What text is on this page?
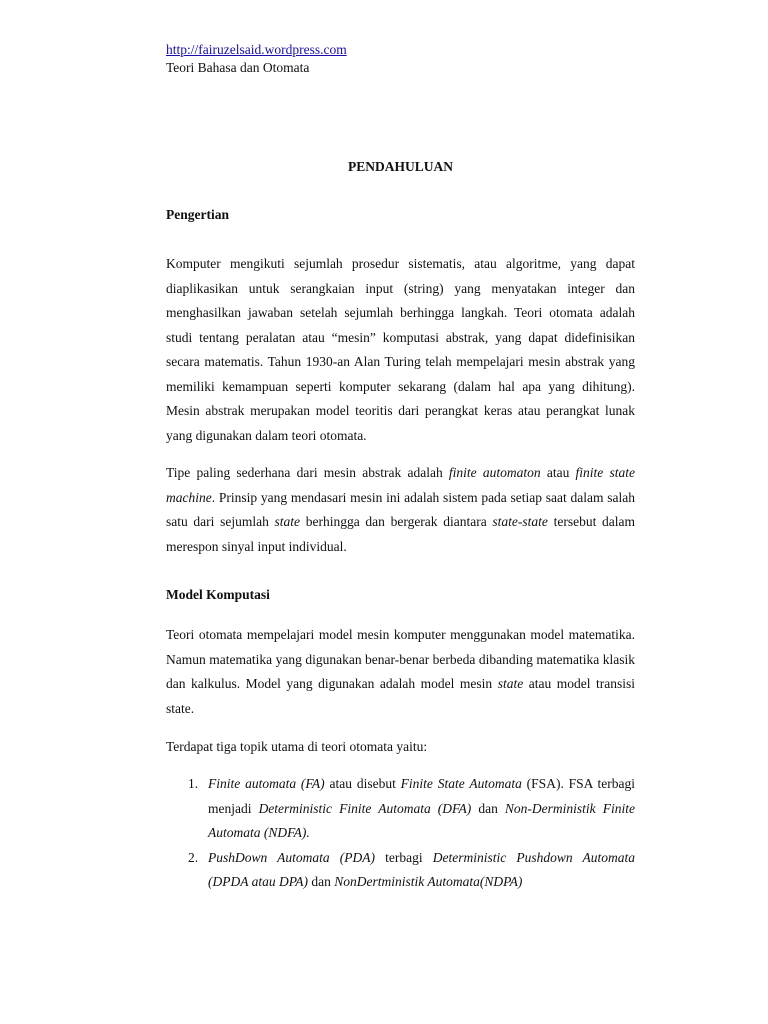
http://fairuzelsaid.wordpress.com
Teori Bahasa dan Otomata
PENDAHULUAN
Pengertian

Komputer mengikuti sejumlah prosedur sistematis, atau algoritme, yang dapat diaplikasikan untuk serangkaian input (string) yang menyatakan integer dan menghasilkan jawaban setelah sejumlah berhingga langkah. Teori otomata adalah studi tentang peralatan atau “mesin” komputasi abstrak, yang dapat didefinisikan secara matematis. Tahun 1930-an Alan Turing telah mempelajari mesin abstrak yang memiliki kemampuan seperti komputer sekarang (dalam hal apa yang dihitung). Mesin abstrak merupakan model teoritis dari perangkat keras atau perangkat lunak yang digunakan dalam teori otomata.

Tipe paling sederhana dari mesin abstrak adalah finite automaton atau finite state machine. Prinsip yang mendasari mesin ini adalah sistem pada setiap saat dalam salah satu dari sejumlah state berhingga dan bergerak diantara state-state tersebut dalam merespon sinyal input individual.

Model Komputasi

Teori otomata mempelajari model mesin komputer menggunakan model matematika. Namun matematika yang digunakan benar-benar berbeda dibanding matematika klasik dan kalkulus. Model yang digunakan adalah model mesin state atau model transisi state.

Terdapat tiga topik utama di teori otomata yaitu:

1. Finite automata (FA) atau disebut Finite State Automata (FSA). FSA terbagi menjadi Deterministic Finite Automata (DFA) dan Non-Derministik Finite Automata (NDFA).
2. PushDown Automata (PDA) terbagi Deterministic Pushdown Automata (DPDA atau DPA) dan NonDertministik Automata(NDPA)
